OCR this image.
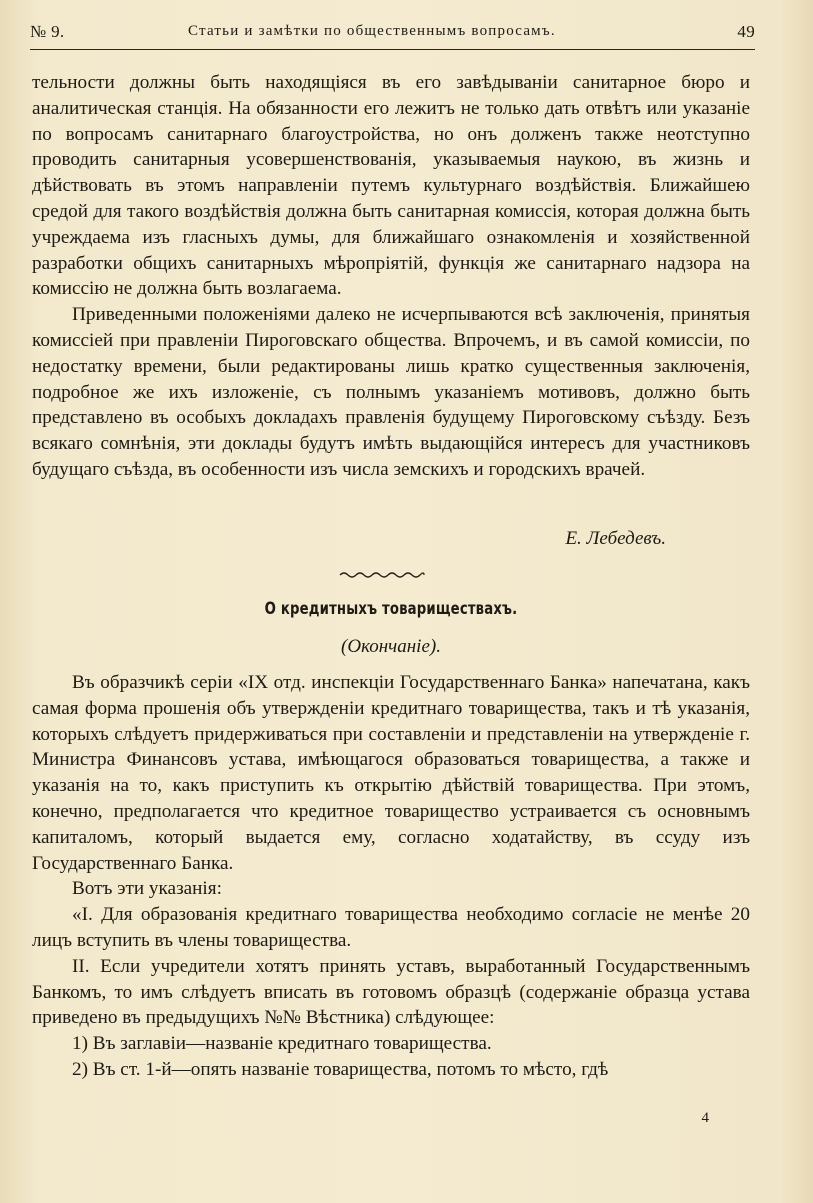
№ 9.	Статьи и замѣтки по общественнымъ вопросамъ.	49

тельности должны быть находящіяся въ его завѣдываніи санитарное бюро и аналитическая станція. На обязанности его лежитъ не только дать отвѣтъ или указаніе по вопросамъ санитарнаго благоустройства, но онъ долженъ также неотступно проводить санитарныя усовершенствованія, указываемыя наукою, въ жизнь и дѣйствовать въ этомъ направленіи путемъ культурнаго воздѣйствія. Ближайшею средой для такого воздѣйствія должна быть санитарная комиссія, которая должна быть учреждаема изъ гласныхъ думы, для ближайшаго ознакомленія и хозяйственной разработки общихъ санитарныхъ мѣропріятій, функція же санитарнаго надзора на комиссію не должна быть возлагаема.

Приведенными положеніями далеко не исчерпываются всѣ заключенія, принятыя комиссіей при правленіи Пироговскаго общества. Впрочемъ, и въ самой комиссіи, по недостатку времени, были редактированы лишь кратко существенныя заключенія, подробное же ихъ изложеніе, съ полнымъ указаніемъ мотивовъ, должно быть представлено въ особыхъ докладахъ правленія будущему Пироговскому съѣзду. Безъ всякаго сомнѣнія, эти доклады будутъ имѣть выдающійся интересъ для участниковъ будущаго съѣзда, въ особенности изъ числа земскихъ и городскихъ врачей.

Е. Лебедевъ.
О кредитныхъ товариществахъ.
(Окончаніе).

Въ образчикѣ серіи «IX отд. инспекціи Государственнаго Банка» напечатана, какъ самая форма прошенія объ утвержденіи кредитнаго товарищества, такъ и тѣ указанія, которыхъ слѣдуетъ придерживаться при составленіи и представленіи на утвержденіе г. Министра Финансовъ устава, имѣющагося образоваться товарищества, а также и указанія на то, какъ приступить къ открытію дѣйствій товарищества. При этомъ, конечно, предполагается что кредитное товарищество устраивается съ основнымъ капиталомъ, который выдается ему, согласно ходатайству, въ ссуду изъ Государственнаго Банка.

Вотъ эти указанія:

«I. Для образованія кредитнаго товарищества необходимо согласіе не менѣе 20 лицъ вступить въ члены товарищества.

II. Если учредители хотятъ принять уставъ, выработанный Государственнымъ Банкомъ, то имъ слѣдуетъ вписать въ готовомъ образцѣ (содержаніе образца устава приведено въ предыдущихъ №№ Вѣстника) слѣдующее:

1) Въ заглавіи—названіе кредитнаго товарищества.

2) Въ ст. 1-й—опять названіе товарищества, потомъ то мѣсто, гдѣ

4
